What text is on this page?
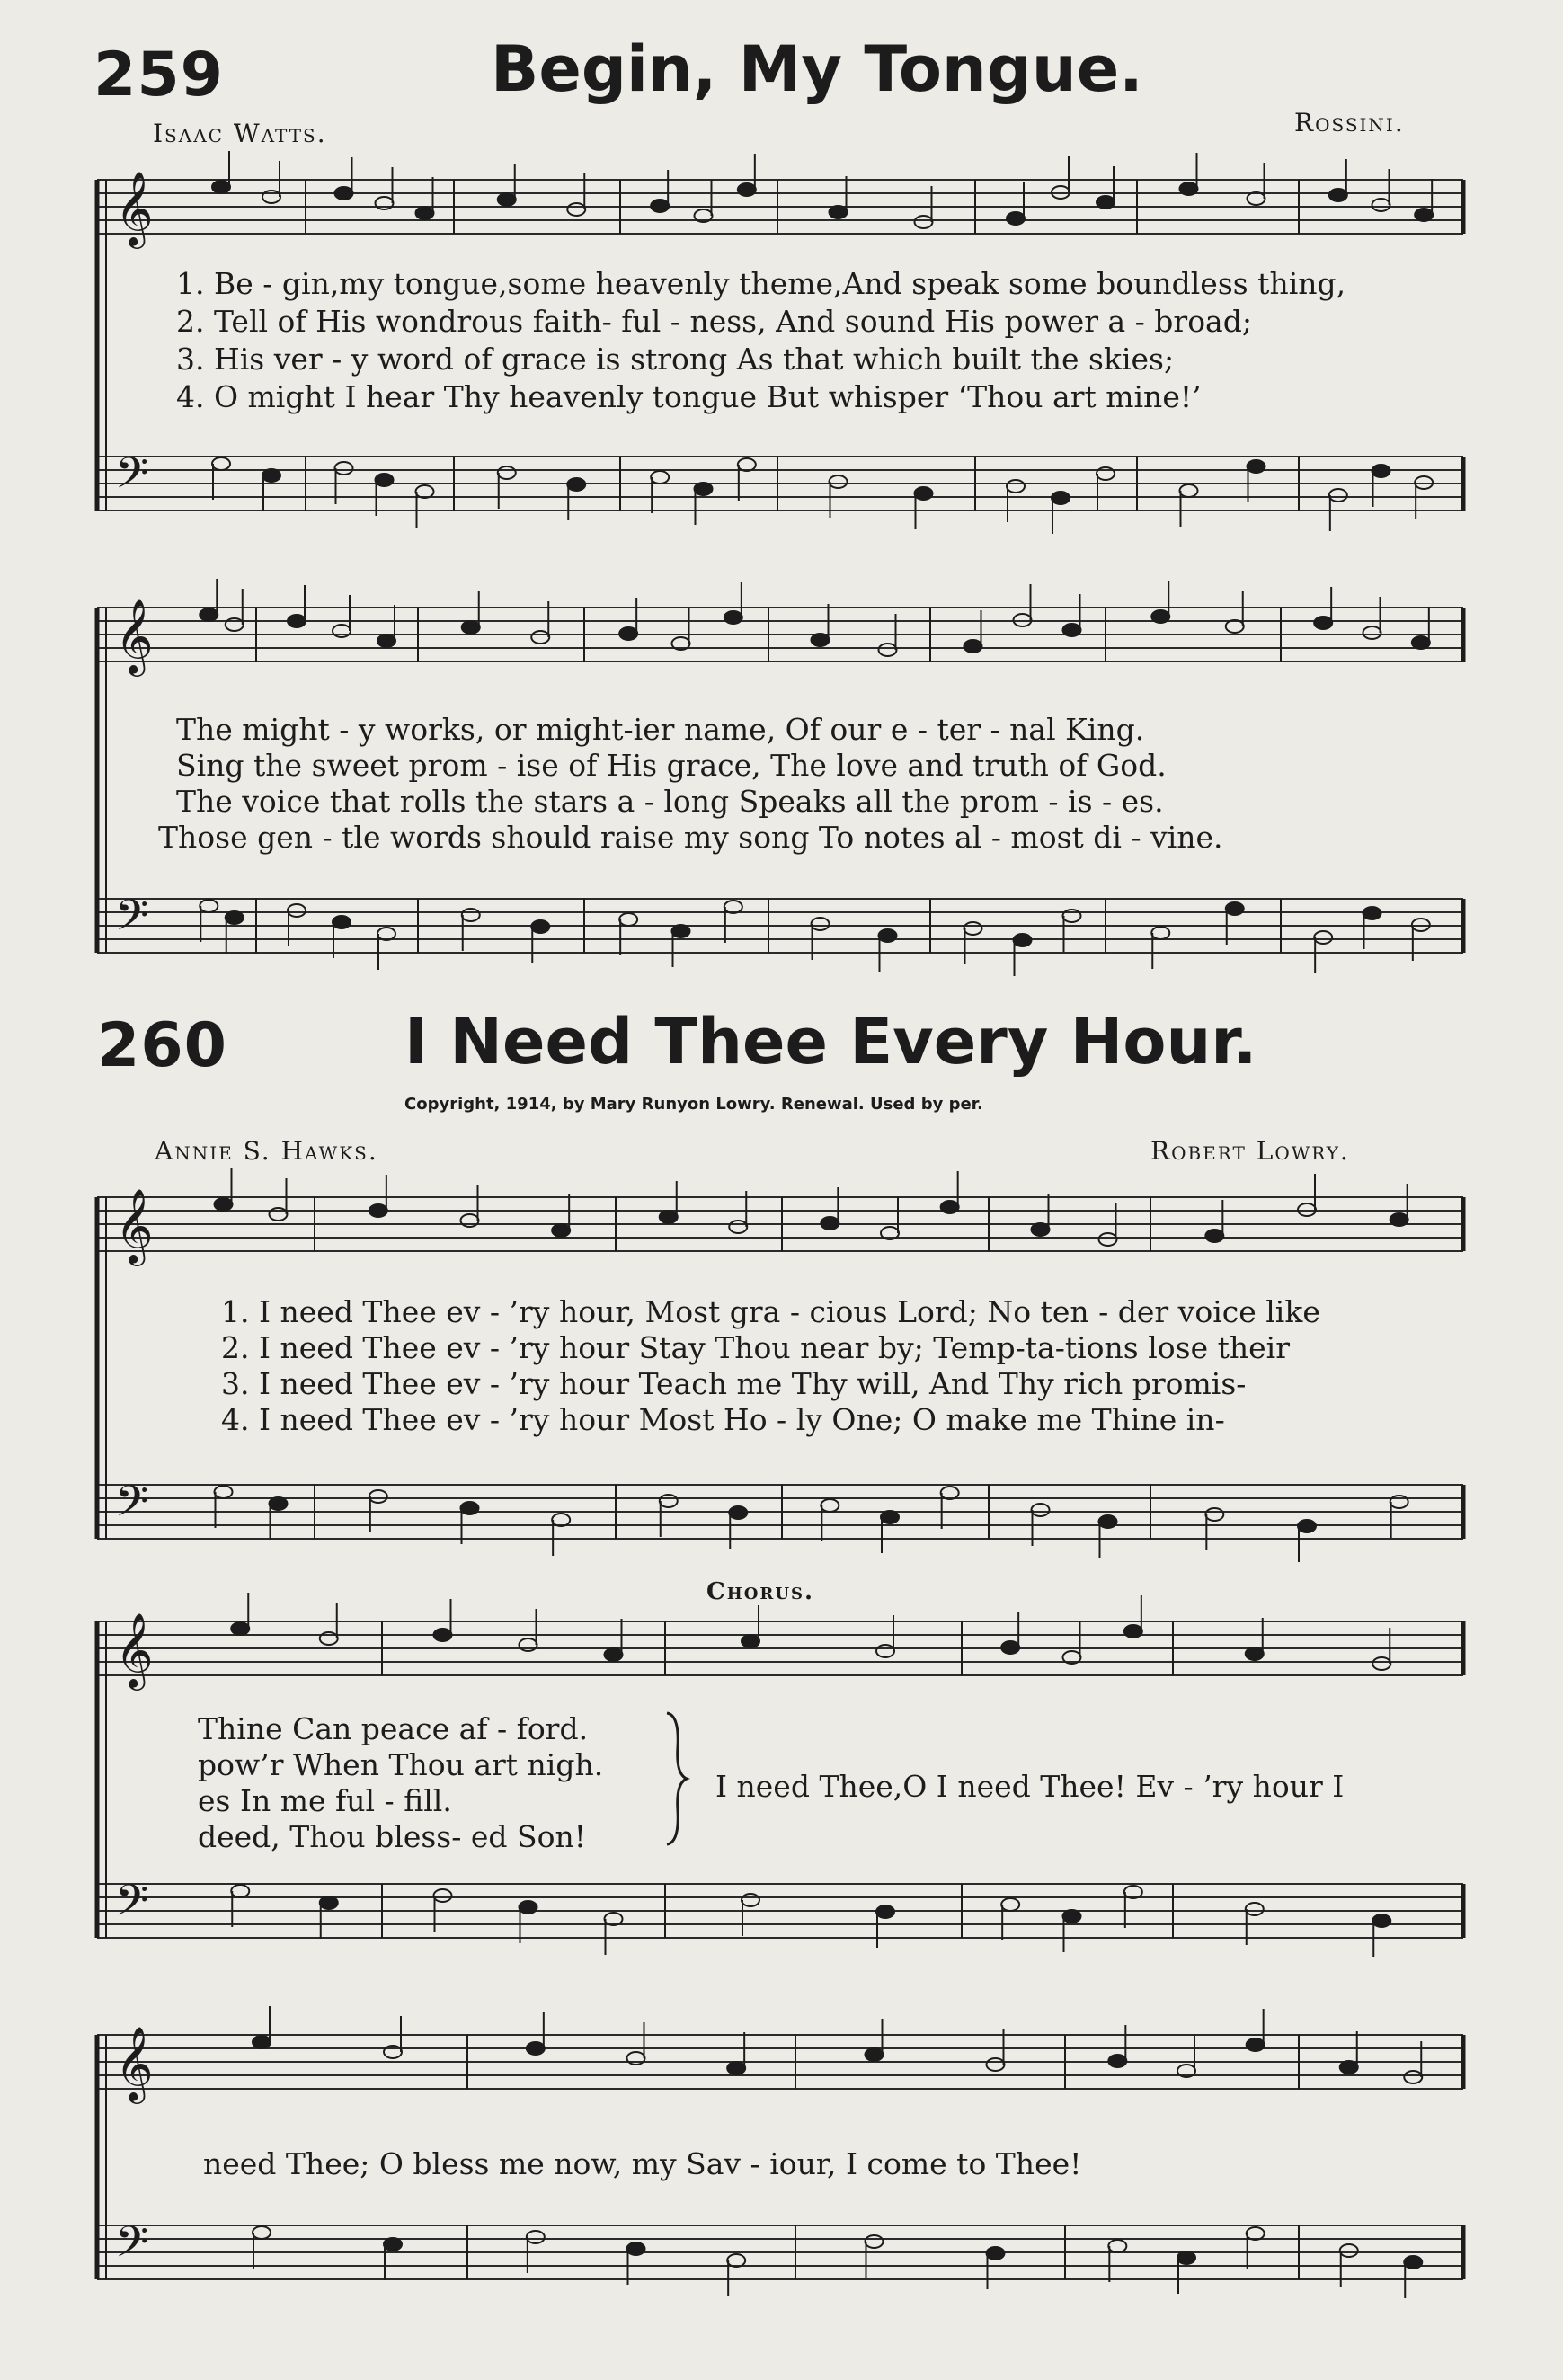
259	Begin, My Tongue.
Isaac Watts.	Rossini.
1. Be - gin,my tongue,some heavenly theme,And speak some boundless thing,
2. Tell of His wondrous faith- ful - ness, And sound His power a - broad;
3. His ver - y word of grace is strong As that which built the skies;
4. O might I hear Thy heavenly tongue But whisper ‘Thou art mine!’
The might - y works, or might-ier name, Of our e - ter - nal King.
Sing the sweet prom - ise of His grace, The love and truth of God.
The voice that rolls the stars a - long Speaks all the prom - is - es.
Those gen - tle words should raise my song To notes al - most di - vine.
260	I Need Thee Every Hour.
Copyright, 1914, by Mary Runyon Lowry. Renewal. Used by per.
Annie S. Hawks.	Robert Lowry.
1. I need Thee ev - ’ry hour, Most gra - cious Lord; No ten - der voice like
2. I need Thee ev - ’ry hour Stay Thou near by; Temp-ta-tions lose their
3. I need Thee ev - ’ry hour Teach me Thy will, And Thy rich promis-
4. I need Thee ev - ’ry hour Most Ho - ly One; O make me Thine in-
Chorus.
Thine Can peace af - ford.
pow’r When Thou art nigh.
es In me ful - fill.
deed, Thou bless- ed Son!
I need Thee,O I need Thee! Ev - ’ry hour I
need Thee; O bless me now, my Sav - iour, I come to Thee!
𝄞
𝄢
𝄞
𝄢
𝄞
𝄢
𝄞
𝄢
𝄞
𝄢
